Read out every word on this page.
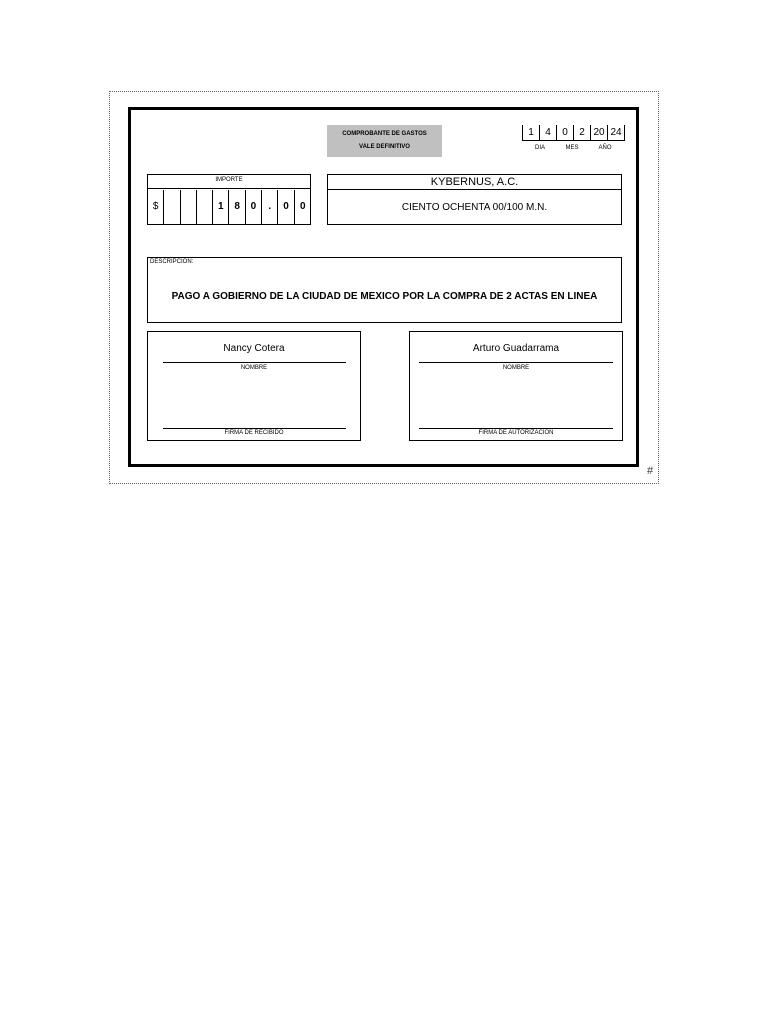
COMPROBANTE DE GASTOS
VALE DEFINITIVO
1	4	0	2 20 24
DIA	MES	AÑO
IMPORTE
$	1	8	0	.	0	0
KYBERNUS, A.C.
CIENTO OCHENTA 00/100 M.N.
DESCRIPCION:
PAGO A GOBIERNO DE LA CIUDAD DE MEXICO POR LA COMPRA DE 2 ACTAS EN LINEA
Nancy Cotera
NOMBRE
FIRMA DE RECIBIDO
Arturo Guadarrama
NOMBRE
FIRMA DE AUTORIZACIÓN
#
